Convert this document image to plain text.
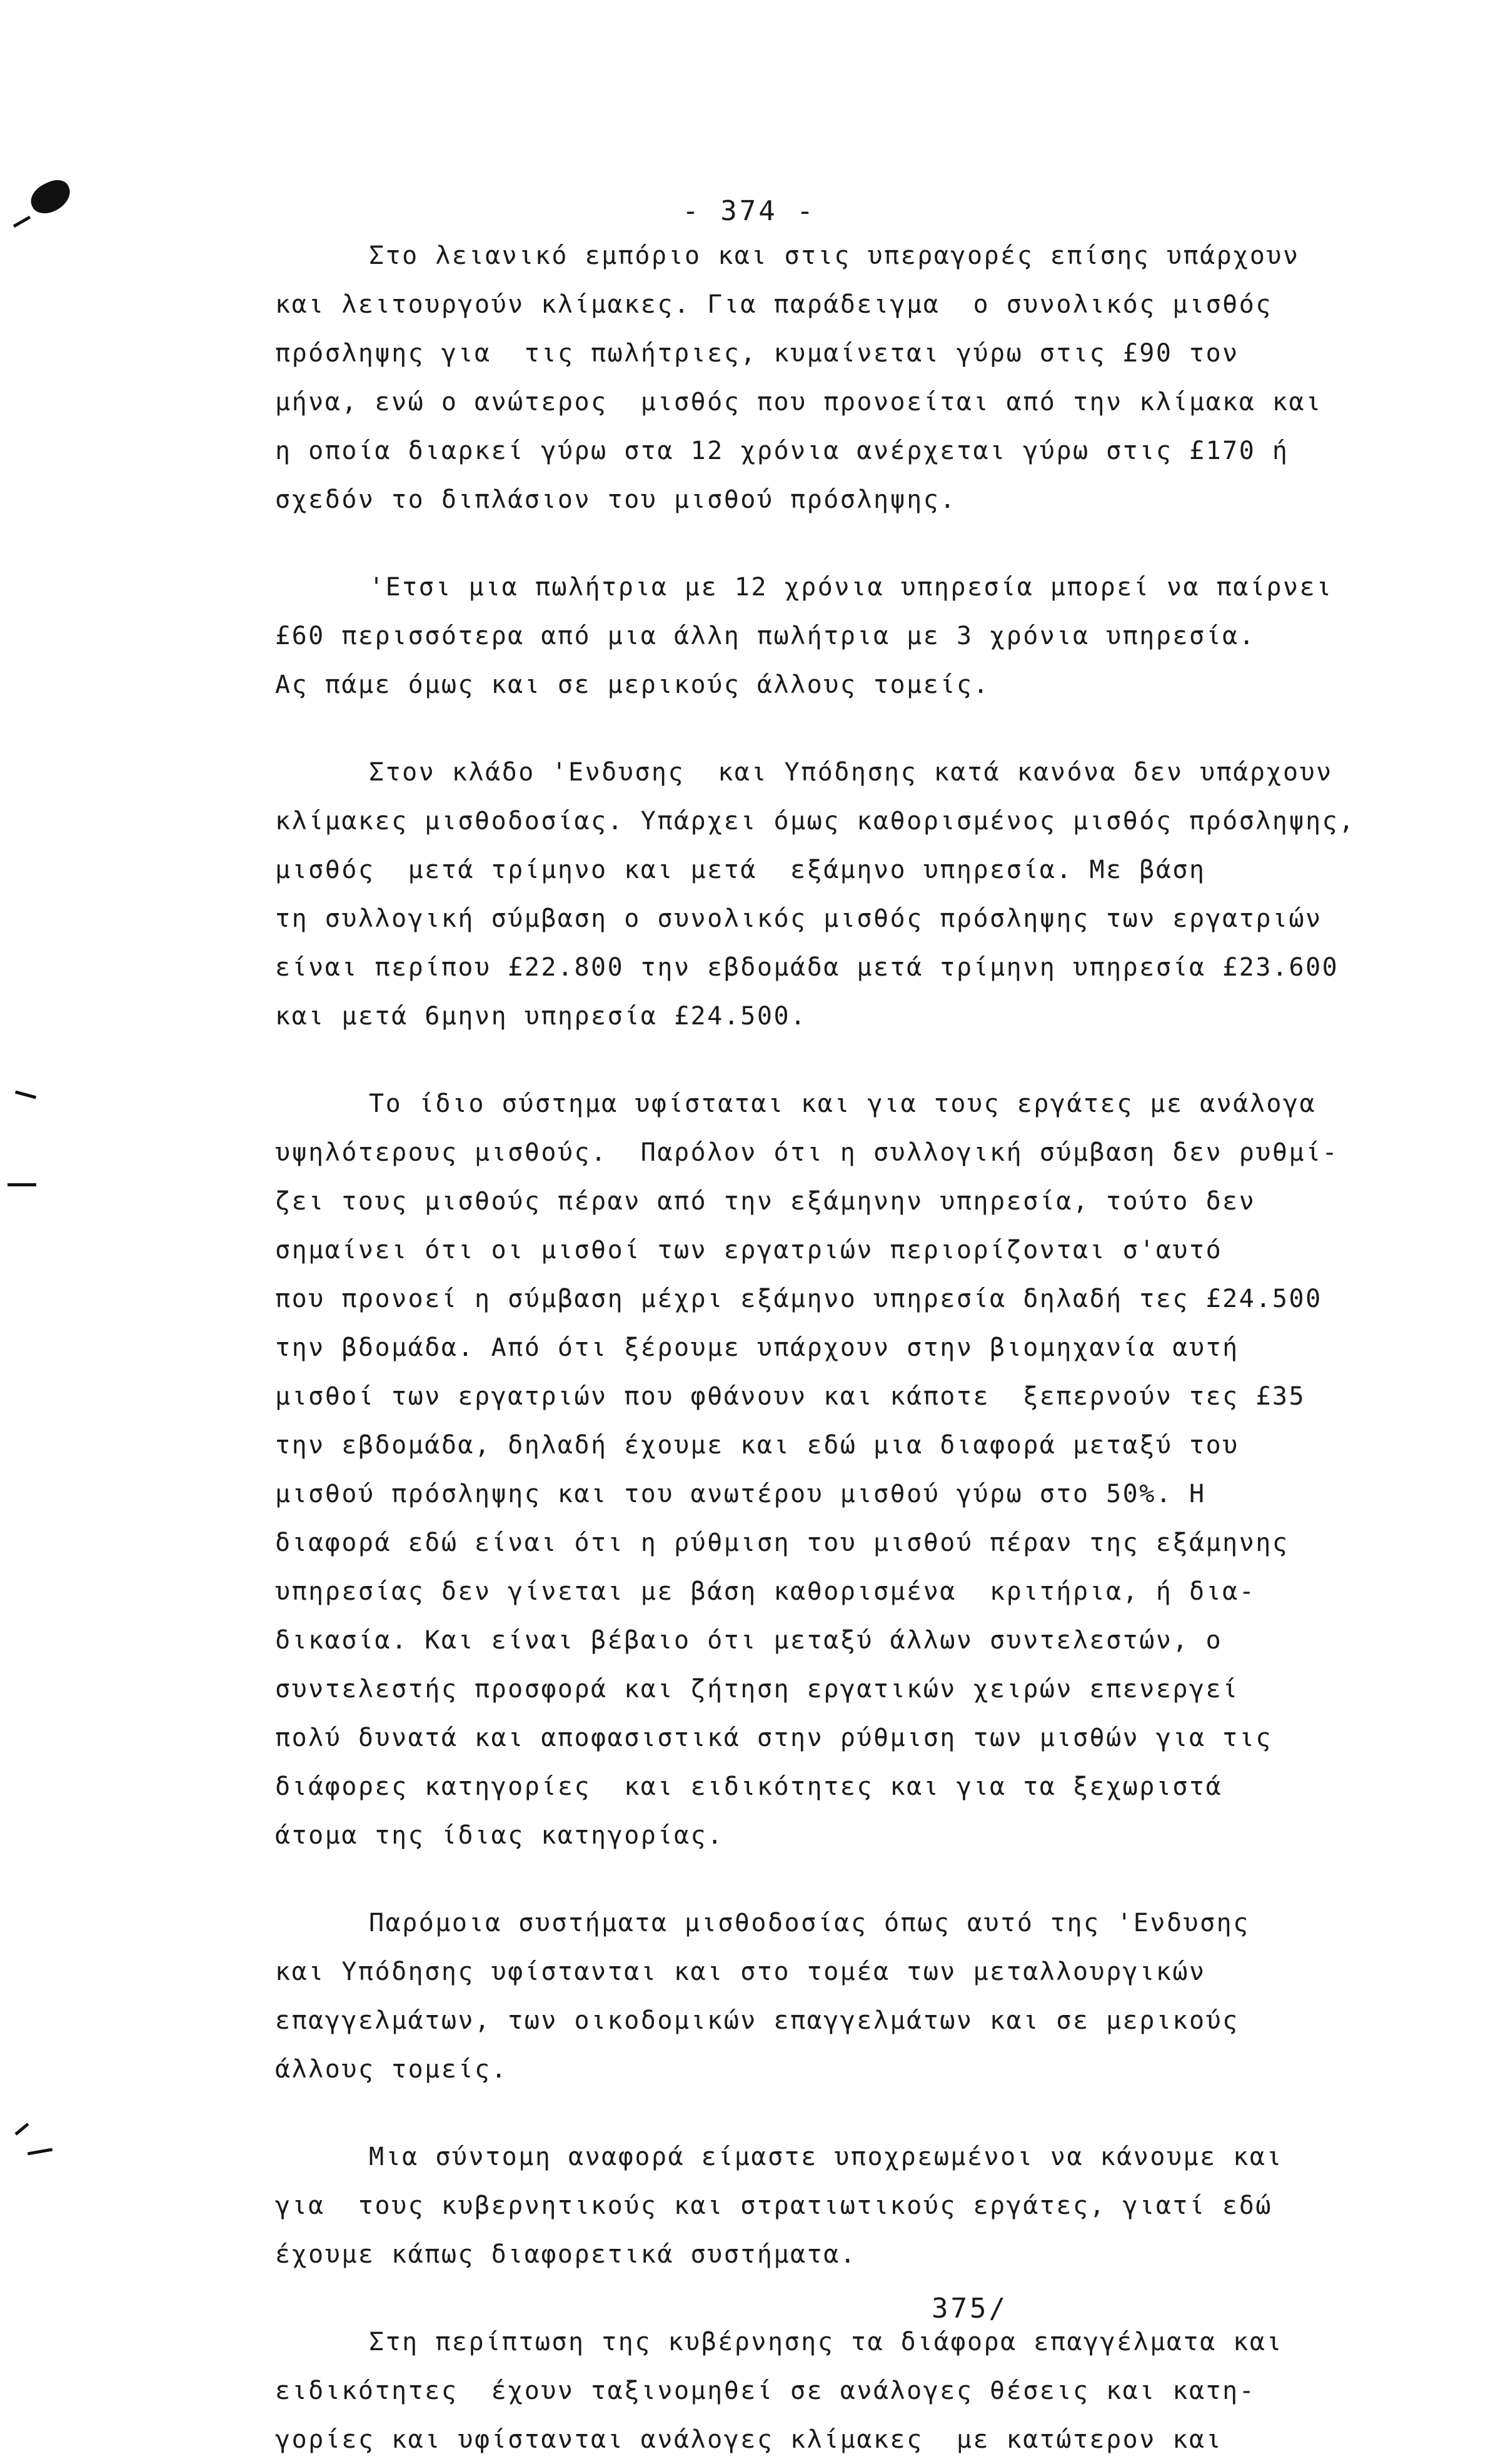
- 374 -
Στο λειανικό εμπόριο και στις υπεραγορές επίσης υπάρχουν
και λειτουργούν κλίμακες. Για παράδειγμα  ο συνολικός μισθός
πρόσληψης για  τις πωλήτριες, κυμαίνεται γύρω στις £90 τον
μήνα, ενώ ο ανώτερος  μισθός που προνοείται από την κλίμακα και
η οποία διαρκεί γύρω στα 12 χρόνια ανέρχεται γύρω στις £170 ή
σχεδόν το διπλάσιον του μισθού πρόσληψης.
'Ετσι μια πωλήτρια με 12 χρόνια υπηρεσία μπορεί να παίρνει
£60 περισσότερα από μια άλλη πωλήτρια με 3 χρόνια υπηρεσία.
Ας πάμε όμως και σε μερικούς άλλους τομείς.
Στον κλάδο 'Ενδυσης  και Υπόδησης κατά κανόνα δεν υπάρχουν
κλίμακες μισθοδοσίας. Υπάρχει όμως καθορισμένος μισθός πρόσληψης,
μισθός  μετά τρίμηνο και μετά  εξάμηνο υπηρεσία. Με βάση
τη συλλογική σύμβαση ο συνολικός μισθός πρόσληψης των εργατριών
είναι περίπου £22.800 την εβδομάδα μετά τρίμηνη υπηρεσία £23.600
και μετά 6μηνη υπηρεσία £24.500.
Το ίδιο σύστημα υφίσταται και για τους εργάτες με ανάλογα
υψηλότερους μισθούς.  Παρόλον ότι η συλλογική σύμβαση δεν ρυθμί-
ζει τους μισθούς πέραν από την εξάμηνην υπηρεσία, τούτο δεν
σημαίνει ότι οι μισθοί των εργατριών περιορίζονται σ'αυτό
που προνοεί η σύμβαση μέχρι εξάμηνο υπηρεσία δηλαδή τες £24.500
την βδομάδα. Από ότι ξέρουμε υπάρχουν στην βιομηχανία αυτή
μισθοί των εργατριών που φθάνουν και κάποτε  ξεπερνούν τες £35
την εβδομάδα, δηλαδή έχουμε και εδώ μια διαφορά μεταξύ του
μισθού πρόσληψης και του ανωτέρου μισθού γύρω στο 50%. Η
διαφορά εδώ είναι ότι η ρύθμιση του μισθού πέραν της εξάμηνης
υπηρεσίας δεν γίνεται με βάση καθορισμένα  κριτήρια, ή δια-
δικασία. Και είναι βέβαιο ότι μεταξύ άλλων συντελεστών, ο
συντελεστής προσφορά και ζήτηση εργατικών χειρών επενεργεί
πολύ δυνατά και αποφασιστικά στην ρύθμιση των μισθών για τις
διάφορες κατηγορίες  και ειδικότητες και για τα ξεχωριστά
άτομα της ίδιας κατηγορίας.
Παρόμοια συστήματα μισθοδοσίας όπως αυτό της 'Ενδυσης
και Υπόδησης υφίστανται και στο τομέα των μεταλλουργικών
επαγγελμάτων, των οικοδομικών επαγγελμάτων και σε μερικούς
άλλους τομείς.
Μια σύντομη αναφορά είμαστε υποχρεωμένοι να κάνουμε και
για  τους κυβερνητικούς και στρατιωτικούς εργάτες, γιατί εδώ
έχουμε κάπως διαφορετικά συστήματα.
Στη περίπτωση της κυβέρνησης τα διάφορα επαγγέλματα και
ειδικότητες  έχουν ταξινομηθεί σε ανάλογες θέσεις και κατη-
γορίες και υφίστανται ανάλογες κλίμακες  με κατώτερον και
375/
